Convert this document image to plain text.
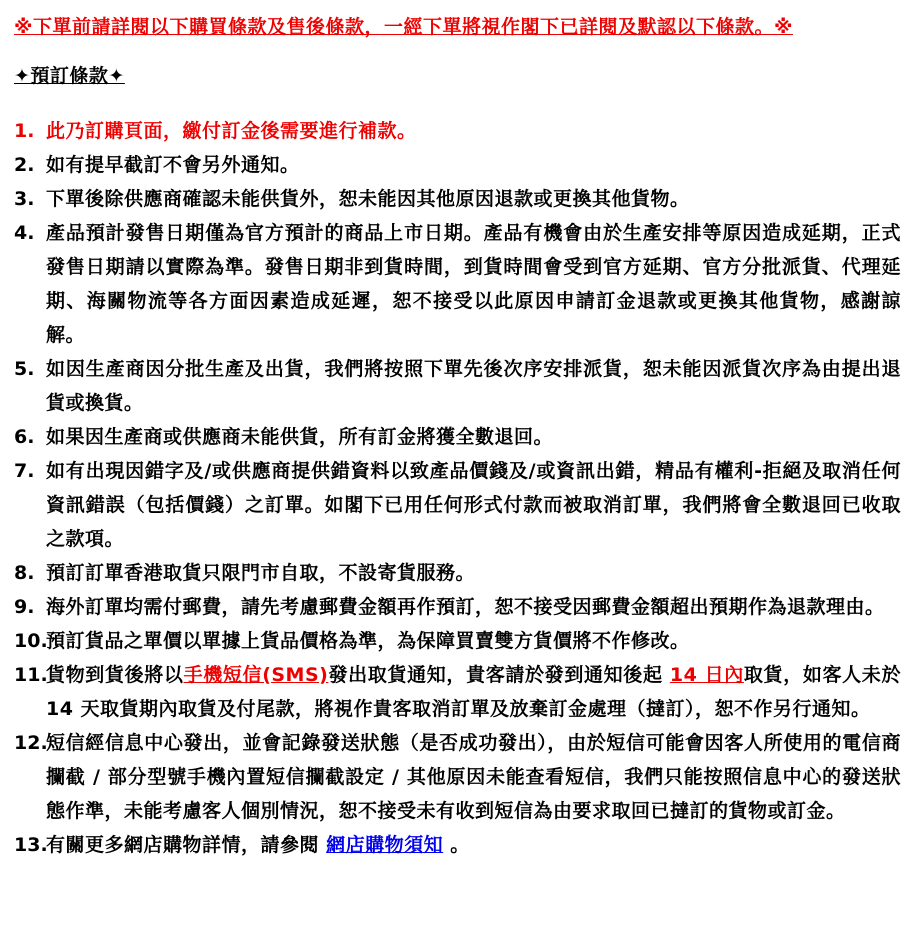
※下單前請詳閱以下購買條款及售後條款，一經下單將視作閣下已詳閱及默認以下條款。※
✦預訂條款✦
1. 此乃訂購頁面，繳付訂金後需要進行補款。
2. 如有提早截訂不會另外通知。
3. 下單後除供應商確認未能供貨外，恕未能因其他原因退款或更換其他貨物。
4. 產品預計發售日期僅為官方預計的商品上市日期。產品有機會由於生產安排等原因造成延期，正式發售日期請以實際為準。發售日期非到貨時間，到貨時間會受到官方延期、官方分批派貨、代理延期、海關物流等各方面因素造成延遲，恕不接受以此原因申請訂金退款或更換其他貨物，感謝諒解。
5. 如因生產商因分批生產及出貨，我們將按照下單先後次序安排派貨，恕未能因派貨次序為由提出退貨或換貨。
6. 如果因生產商或供應商未能供貨，所有訂金將獲全數退回。
7. 如有出現因錯字及/或供應商提供錯資料以致產品價錢及/或資訊出錯，精品有權利-拒絕及取消任何資訊錯誤（包括價錢）之訂單。如閣下已用任何形式付款而被取消訂單，我們將會全數退回已收取之款項。
8. 預訂訂單香港取貨只限門市自取，不設寄貨服務。
9. 海外訂單均需付郵費，請先考慮郵費金額再作預訂，恕不接受因郵費金額超出預期作為退款理由。
10.
預訂貨品之單價以單據上貨品價格為準，為保障買賣雙方貨價將不作修改。
11.
貨物到貨後將以手機短信(SMS)發出取貨通知，貴客請於發到通知後起 14 日內取貨，如客人未於 14 天取貨期內取貨及付尾款，將視作貴客取消訂單及放棄訂金處理（撻訂），恕不作另行通知。
12.
短信經信息中心發出，並會記錄發送狀態（是否成功發出），由於短信可能會因客人所使用的電信商攔截 / 部分型號手機內置短信攔截設定 / 其他原因未能查看短信，我們只能按照信息中心的發送狀態作準，未能考慮客人個別情況，恕不接受未有收到短信為由要求取回已撻訂的貨物或訂金。
13.
有關更多網店購物詳情，請參閱 網店購物須知 。
